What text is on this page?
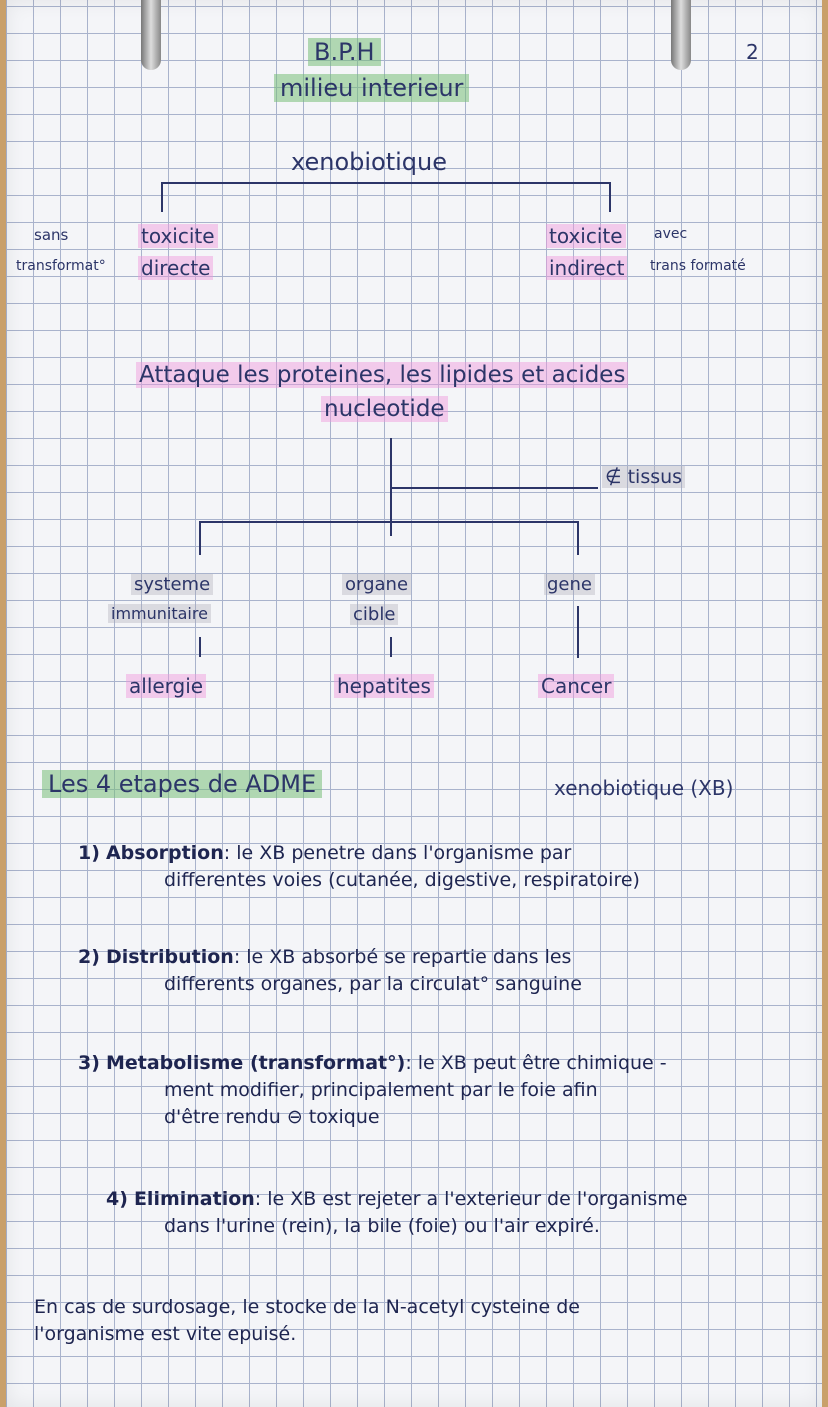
B.P.H
milieu interieur
2
xenobiotique
sans
transformat°
toxicite
directe
toxicite
indirect
avec
trans formaté
Attaque les proteines, les lipides et acides
nucleotide
∉ tissus
systeme
immunitaire
allergie
organe
cible
hepatites
gene
Cancer
Les 4 etapes de ADME	xenobiotique (XB)
1) Absorption: le XB penetre dans l'organisme par
differentes voies (cutanée, digestive, respiratoire)
2) Distribution: le XB absorbé se repartie dans les
differents organes, par la circulat° sanguine
3) Metabolisme (transformat°): le XB peut être chimique -
ment modifier, principalement par le foie afin
d'être rendu ⊖ toxique
4) Elimination: le XB est rejeter a l'exterieur de l'organisme
dans l'urine (rein), la bile (foie) ou l'air expiré.
En cas de surdosage, le stocke de la N-acetyl cysteine de
l'organisme est vite epuisé.
